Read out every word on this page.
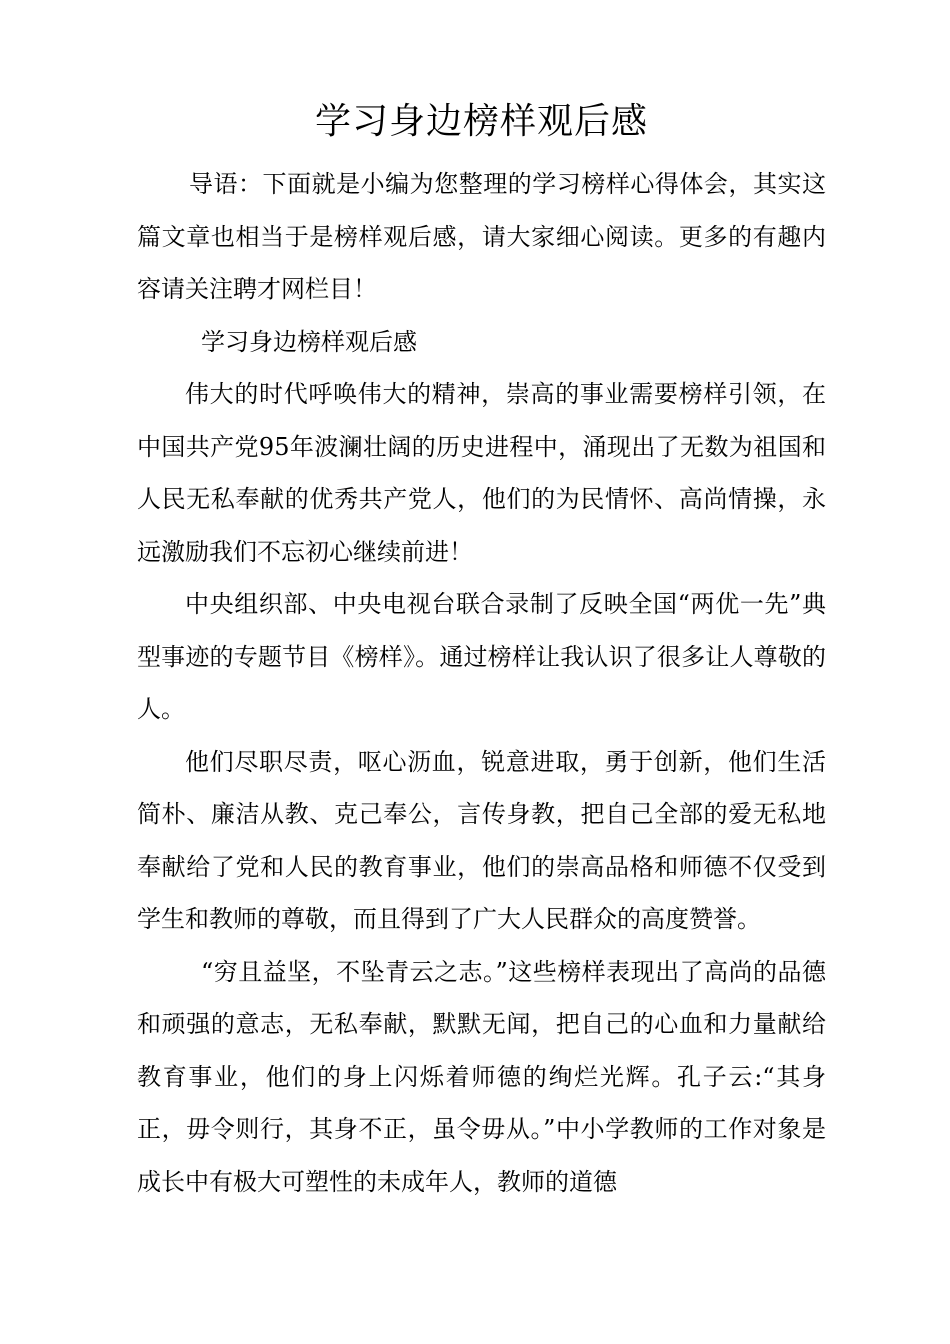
学习身边榜样观后感

导语：下面就是小编为您整理的学习榜样心得体会，其实这篇文章也相当于是榜样观后感，请大家细心阅读。更多的有趣内容请关注聘才网栏目！

学习身边榜样观后感

伟大的时代呼唤伟大的精神，崇高的事业需要榜样引领，在中国共产党95年波澜壮阔的历史进程中，涌现出了无数为祖国和人民无私奉献的优秀共产党人，他们的为民情怀、高尚情操，永远激励我们不忘初心继续前进！

中央组织部、中央电视台联合录制了反映全国“两优一先”典型事迹的专题节目《榜样》。通过榜样让我认识了很多让人尊敬的人。

他们尽职尽责，呕心沥血，锐意进取，勇于创新，他们生活简朴、廉洁从教、克己奉公，言传身教，把自己全部的爱无私地奉献给了党和人民的教育事业，他们的崇高品格和师德不仅受到学生和教师的尊敬，而且得到了广大人民群众的高度赞誉。

“穷且益坚，不坠青云之志。”这些榜样表现出了高尚的品德和顽强的意志，无私奉献，默默无闻，把自己的心血和力量献给教育事业，他们的身上闪烁着师德的绚烂光辉。孔子云:“其身正，毋令则行，其身不正，虽令毋从。”中小学教师的工作对象是成长中有极大可塑性的未成年人，教师的道德
